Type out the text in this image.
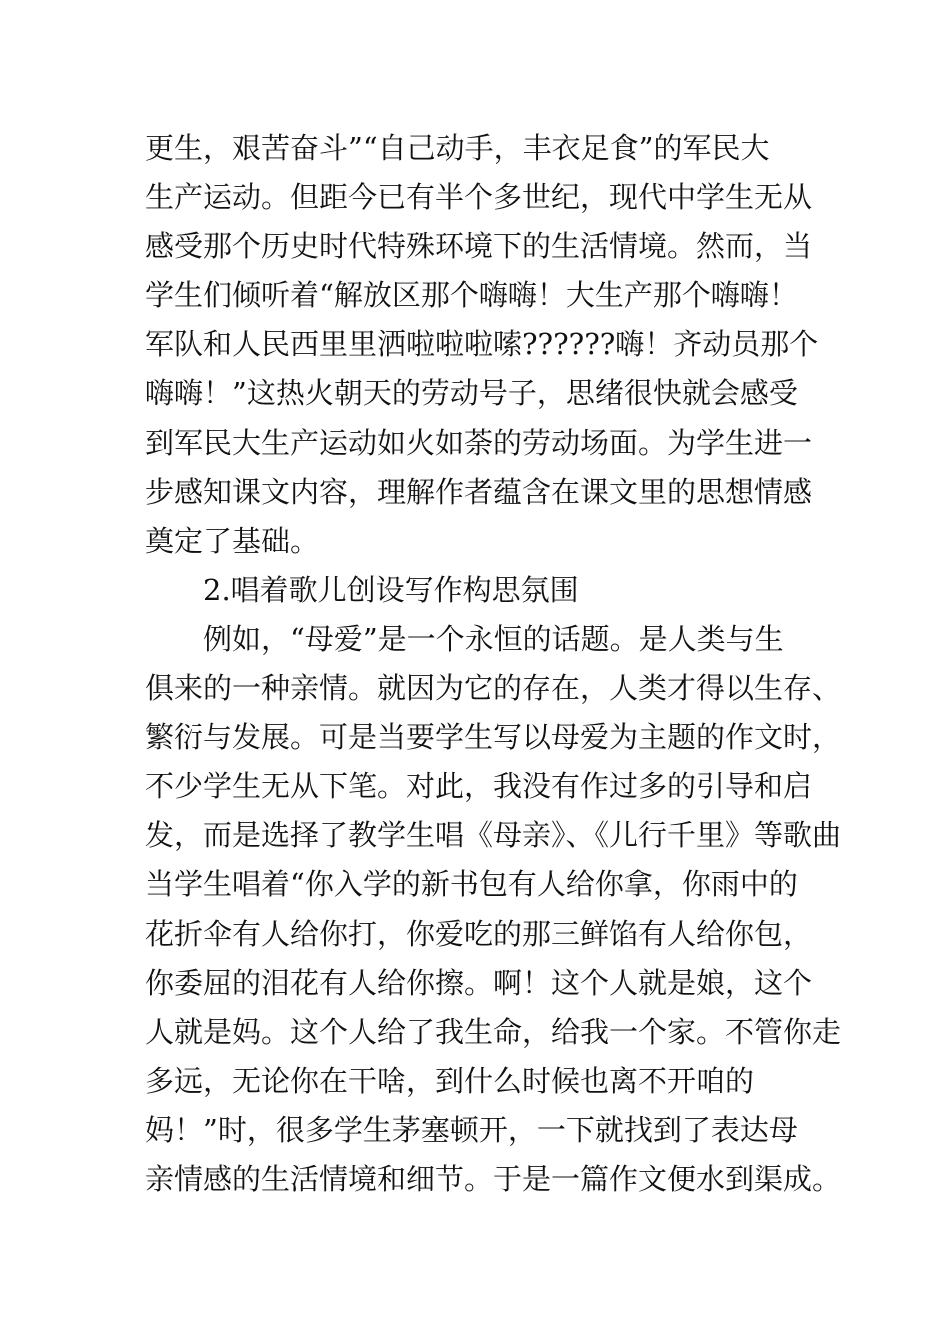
更生，艰苦奋斗”“自己动手，丰衣足食”的军民大
生产运动。但距今已有半个多世纪，现代中学生无从
感受那个历史时代特殊环境下的生活情境。然而，当
学生们倾听着“解放区那个嗨嗨！大生产那个嗨嗨！
军队和人民西里里洒啦啦啦嗦??????嗨！齐动员那个
嗨嗨！”这热火朝天的劳动号子，思绪很快就会感受
到军民大生产运动如火如荼的劳动场面。为学生进一
步感知课文内容，理解作者蕴含在课文里的思想情感
奠定了基础。
2.唱着歌儿创设写作构思氛围
例如，“母爱”是一个永恒的话题。是人类与生
俱来的一种亲情。就因为它的存在，人类才得以生存、
繁衍与发展。可是当要学生写以母爱为主题的作文时，
不少学生无从下笔。对此，我没有作过多的引导和启
发，而是选择了教学生唱《母亲》、《儿行千里》等歌曲
当学生唱着“你入学的新书包有人给你拿，你雨中的
花折伞有人给你打，你爱吃的那三鲜馅有人给你包，
你委屈的泪花有人给你擦。啊！这个人就是娘，这个
人就是妈。这个人给了我生命，给我一个家。不管你走
多远，无论你在干啥，到什么时候也离不开咱的
妈！”时，很多学生茅塞顿开，一下就找到了表达母
亲情感的生活情境和细节。于是一篇作文便水到渠成。
